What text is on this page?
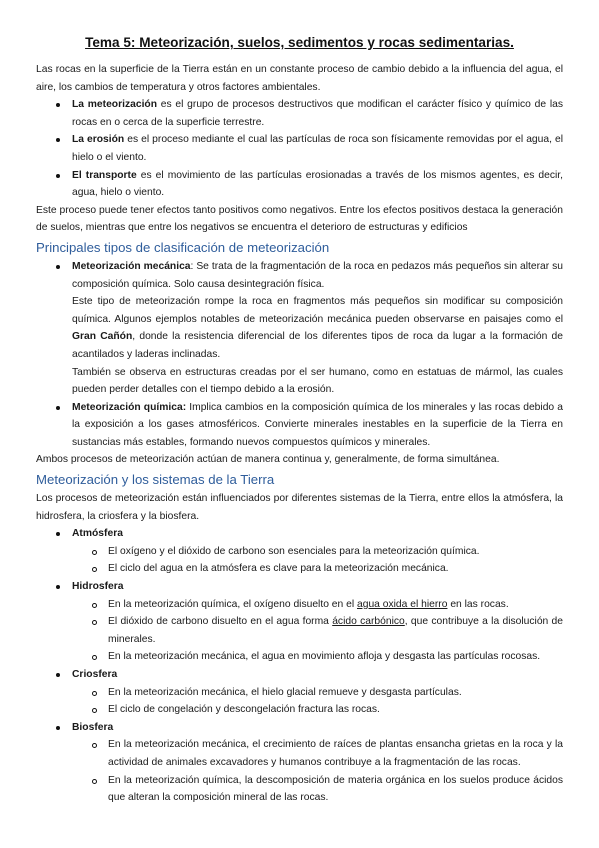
Tema 5: Meteorización, suelos, sedimentos y rocas sedimentarias.

Las rocas en la superficie de la Tierra están en un constante proceso de cambio debido a la influencia del agua, el aire, los cambios de temperatura y otros factores ambientales.

La meteorización es el grupo de procesos destructivos que modifican el carácter físico y químico de las rocas en o cerca de la superficie terrestre.
La erosión es el proceso mediante el cual las partículas de roca son físicamente removidas por el agua, el hielo o el viento.
El transporte es el movimiento de las partículas erosionadas a través de los mismos agentes, es decir, agua, hielo o viento.

Este proceso puede tener efectos tanto positivos como negativos. Entre los efectos positivos destaca la generación de suelos, mientras que entre los negativos se encuentra el deterioro de estructuras y edificios

Principales tipos de clasificación de meteorización
Meteorización mecánica: Se trata de la fragmentación de la roca en pedazos más pequeños sin alterar su composición química. Solo causa desintegración física.

Este tipo de meteorización rompe la roca en fragmentos más pequeños sin modificar su composición química. Algunos ejemplos notables de meteorización mecánica pueden observarse en paisajes como el Gran Cañón, donde la resistencia diferencial de los diferentes tipos de roca da lugar a la formación de acantilados y laderas inclinadas.

También se observa en estructuras creadas por el ser humano, como en estatuas de mármol, las cuales pueden perder detalles con el tiempo debido a la erosión.

Meteorización química: Implica cambios en la composición química de los minerales y las rocas debido a la exposición a los gases atmosféricos. Convierte minerales inestables en la superficie de la Tierra en sustancias más estables, formando nuevos compuestos químicos y minerales.

Ambos procesos de meteorización actúan de manera continua y, generalmente, de forma simultánea.

Meteorización y los sistemas de la Tierra

Los procesos de meteorización están influenciados por diferentes sistemas de la Tierra, entre ellos la atmósfera, la hidrosfera, la criosfera y la biosfera.

Atmósfera
El oxígeno y el dióxido de carbono son esenciales para la meteorización química.
El ciclo del agua en la atmósfera es clave para la meteorización mecánica.
Hidrosfera
En la meteorización química, el oxígeno disuelto en el agua oxida el hierro en las rocas.
El dióxido de carbono disuelto en el agua forma ácido carbónico, que contribuye a la disolución de minerales.
En la meteorización mecánica, el agua en movimiento afloja y desgasta las partículas rocosas.
Criosfera
En la meteorización mecánica, el hielo glacial remueve y desgasta partículas.
El ciclo de congelación y descongelación fractura las rocas.
Biosfera
En la meteorización mecánica, el crecimiento de raíces de plantas ensancha grietas en la roca y la actividad de animales excavadores y humanos contribuye a la fragmentación de las rocas.
En la meteorización química, la descomposición de materia orgánica en los suelos produce ácidos que alteran la composición mineral de las rocas.
